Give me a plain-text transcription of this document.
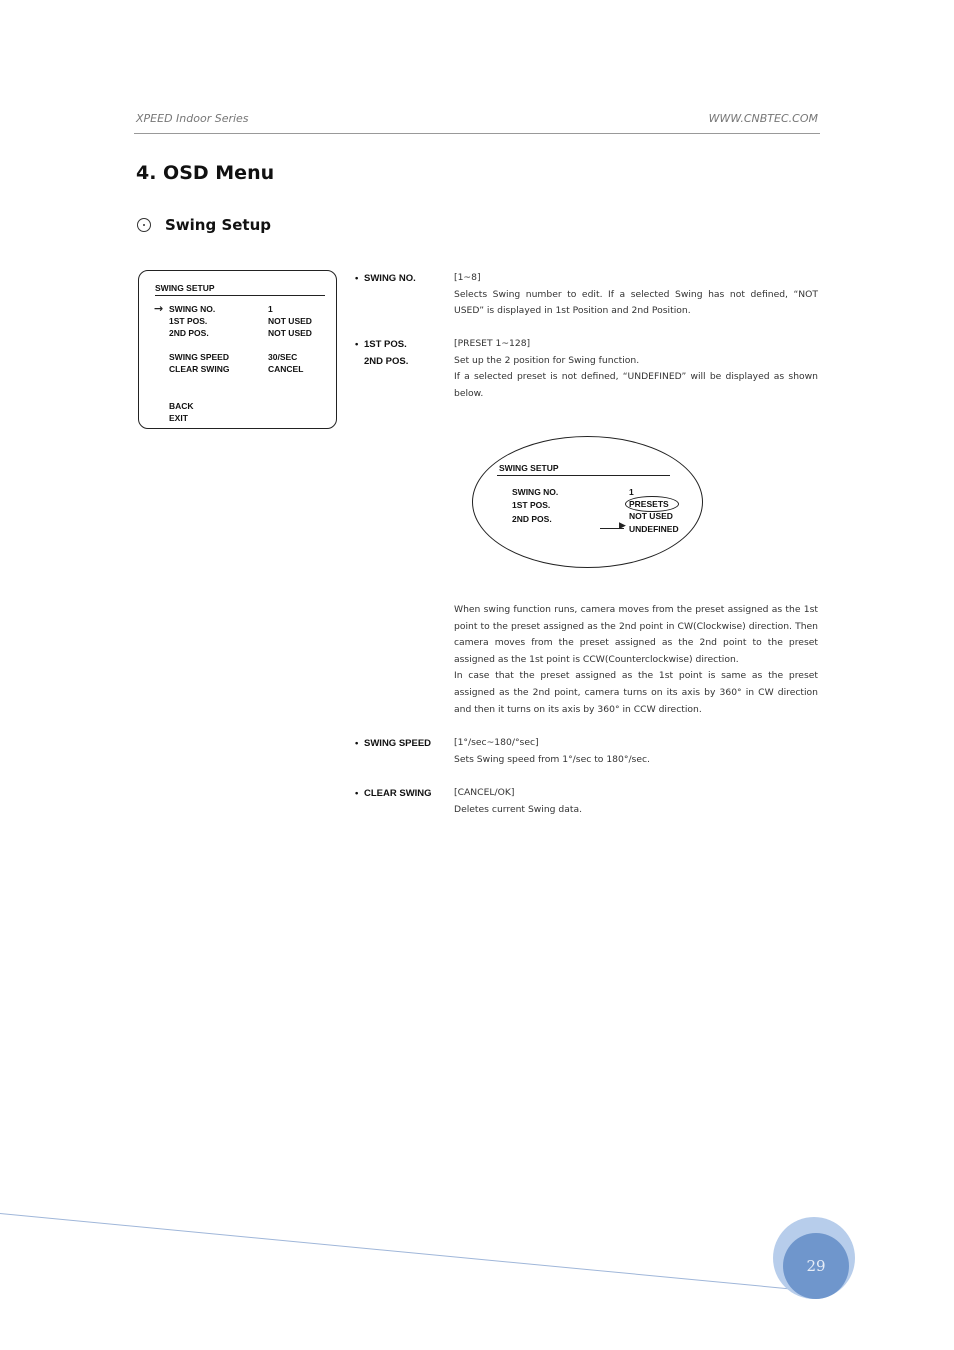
XPEED Indoor Series	WWW.CNBTEC.COM
4. OSD Menu
Swing Setup
SWING SETUP
→ SWING NO.	1
1ST POS.	NOT USED
2ND POS.	NOT USED
SWING SPEED	30/SEC
CLEAR SWING	CANCEL
BACK
EXIT
• SWING NO.	[1~8]

Selects Swing number to edit. If a selected Swing has not defined, “NOT USED” is displayed in 1st Position and 2nd Position.

• 1ST POS.
2ND POS.

[PRESET 1~128]

Set up the 2 position for Swing function.

If a selected preset is not defined, “UNDEFINED” will be displayed as shown below.

SWING SETUP
SWING NO.	1
1ST POS.	PRESETS
2ND POS.	NOT USED
▶ UNDEFINED

When swing function runs, camera moves from the preset assigned as the 1st point to the preset assigned as the 2nd point in CW(Clockwise) direction. Then camera moves from the preset assigned as the 2nd point to the preset assigned as the 1st point is CCW(Counterclockwise) direction.

In case that the preset assigned as the 1st point is same as the preset assigned as the 2nd point, camera turns on its axis by 360° in CW direction and then it turns on its axis by 360° in CCW direction.

• SWING SPEED [1°/sec~180/°sec]

Sets Swing speed from 1°/sec to 180°/sec.

• CLEAR SWING [CANCEL/OK]

Deletes current Swing data.

29
